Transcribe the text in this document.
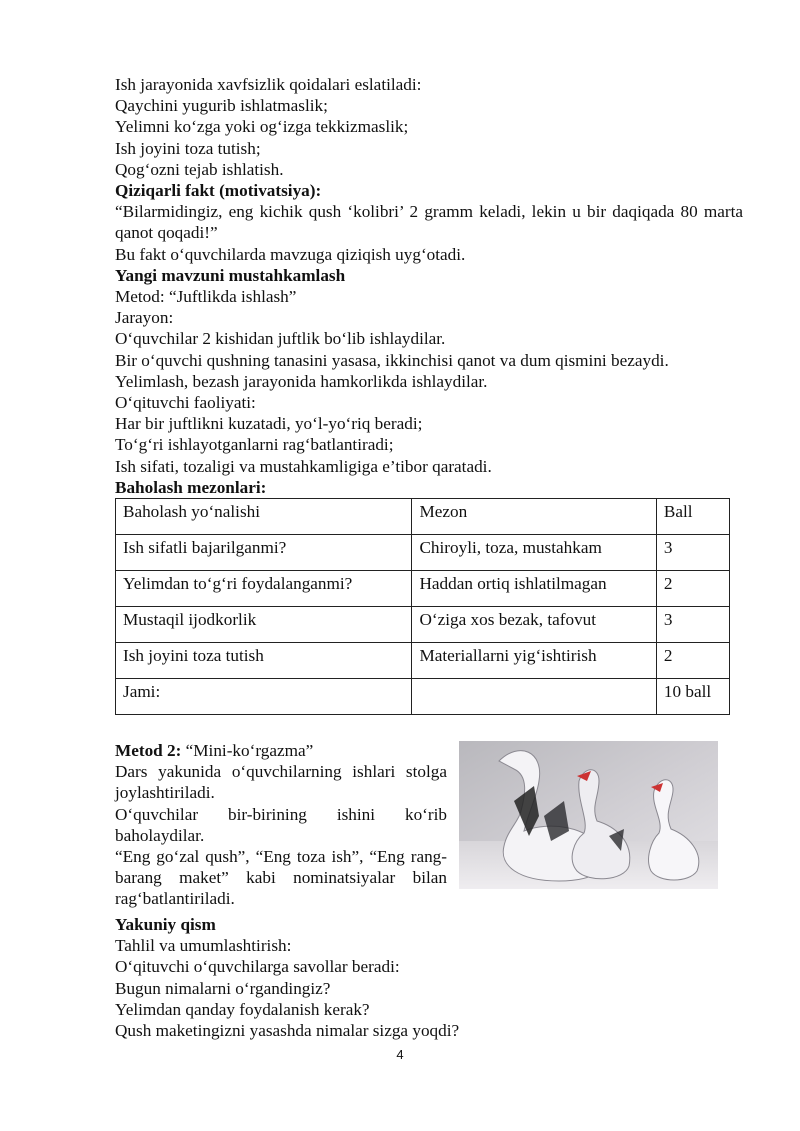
Ish jarayonida xavfsizlik qoidalari eslatiladi:

Qaychini yugurib ishlatmaslik;

Yelimni koʻzga yoki ogʻizga tekkizmaslik;

Ish joyini toza tutish;

Qogʻozni tejab ishlatish.

Qiziqarli fakt (motivatsiya):

“Bilarmidingiz, eng kichik qush ‘kolibri’ 2 gramm keladi, lekin u bir daqiqada 80 marta qanot qoqadi!”

Bu fakt oʻquvchilarda mavzuga qiziqish uygʻotadi.

Yangi mavzuni mustahkamlash

Metod: “Juftlikda ishlash”

Jarayon:

Oʻquvchilar 2 kishidan juftlik boʻlib ishlaydilar.

Bir oʻquvchi qushning tanasini yasasa, ikkinchisi qanot va dum qismini bezaydi.

Yelimlash, bezash jarayonida hamkorlikda ishlaydilar.

Oʻqituvchi faoliyati:

Har bir juftlikni kuzatadi, yoʻl-yoʻriq beradi;

Toʻgʻri ishlayotganlarni ragʻbatlantiradi;

Ish sifati, tozaligi va mustahkamligiga e’tibor qaratadi.

Baholash mezonlari:

Baholash yoʻnalishi	Mezon	Ball
Ish sifatli bajarilganmi?	Chiroyli, toza, mustahkam	3
Yelimdan toʻgʻri foydalanganmi?	Haddan ortiq ishlatilmagan	2
Mustaqil ijodkorlik	Oʻziga xos bezak, tafovut	3
Ish joyini toza tutish	Materiallarni yigʻishtirish	2
Jami:		10 ball

Metod 2: “Mini-koʻrgazma”

Dars yakunida oʻquvchilarning ishlari stolga joylashtiriladi.

Oʻquvchilar bir-birining ishini koʻrib baholaydilar.

“Eng goʻzal qush”, “Eng toza ish”, “Eng rang-barang maket” kabi nominatsiyalar bilan ragʻbatlantiriladi.

Yakuniy qism

Tahlil va umumlashtirish:

Oʻqituvchi oʻquvchilarga savollar beradi:

Bugun nimalarni oʻrgandingiz?

Yelimdan qanday foydalanish kerak?

Qush maketingizni yasashda nimalar sizga yoqdi?

4
